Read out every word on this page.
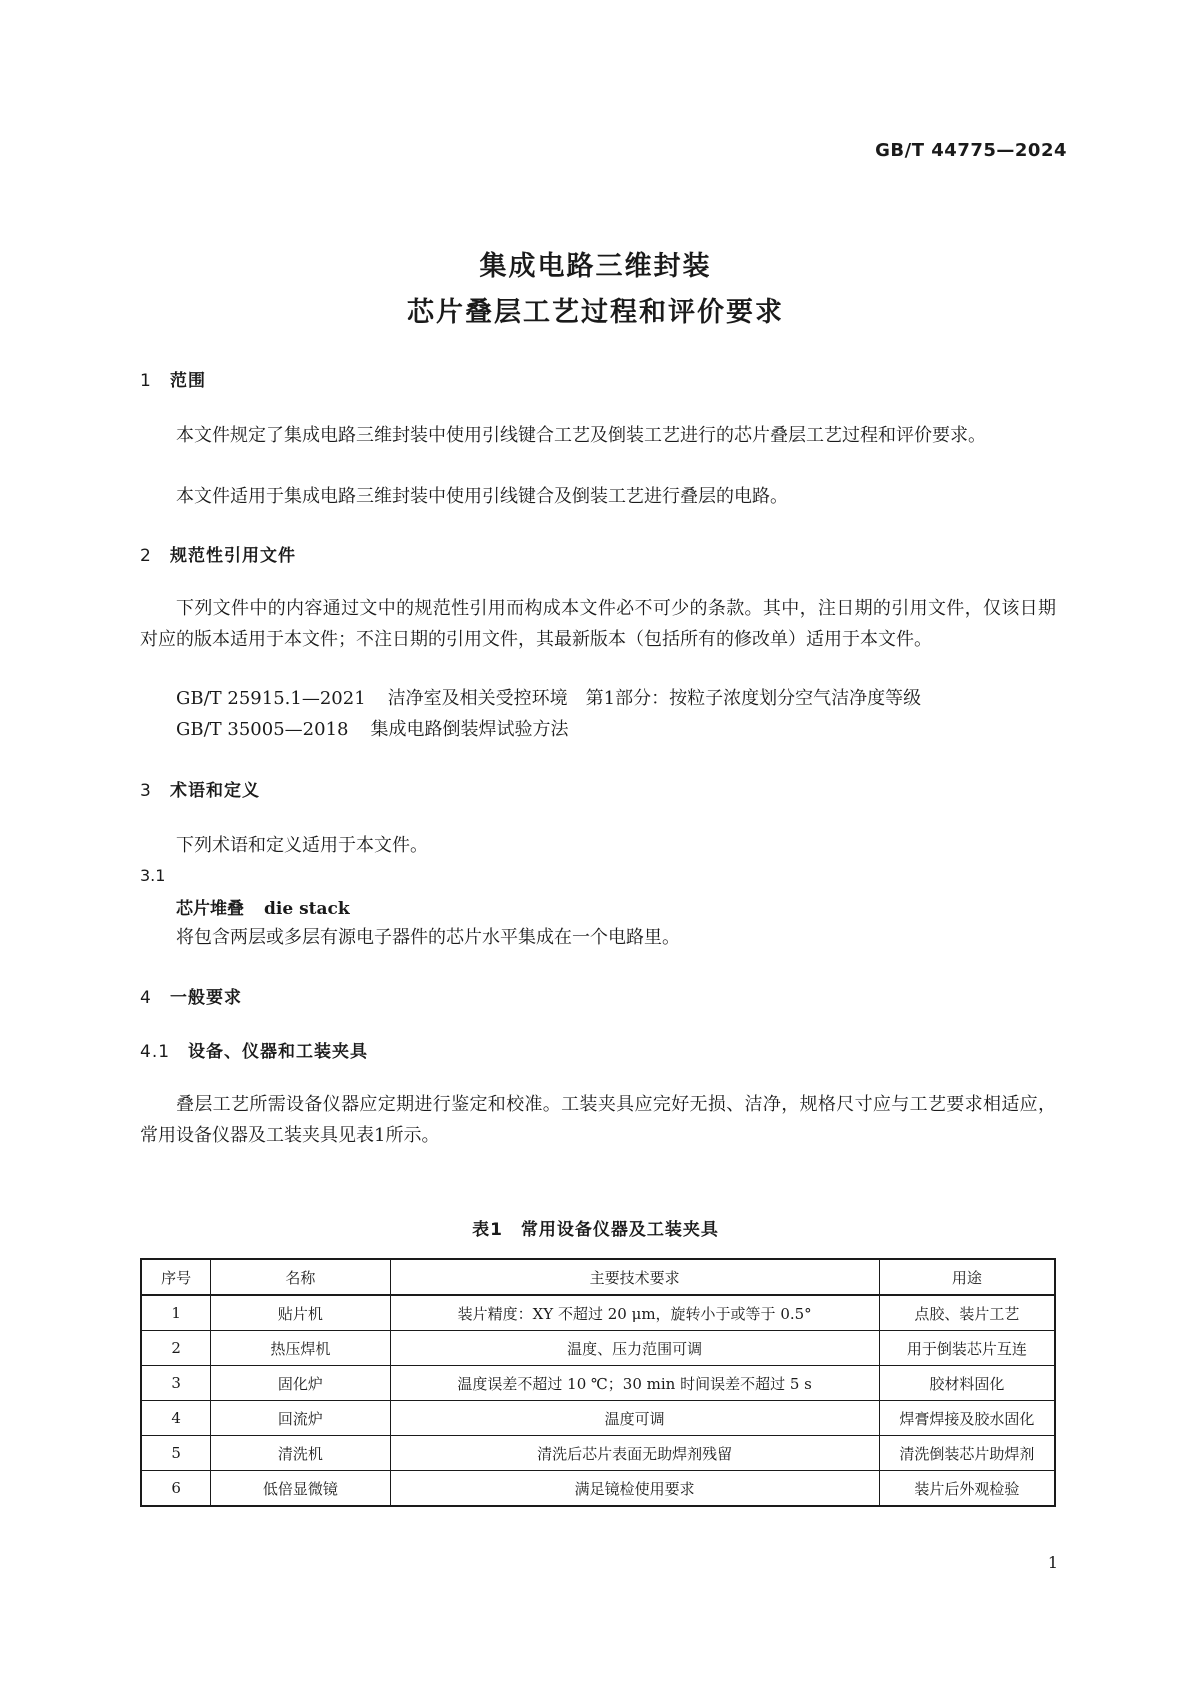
GB/T 44775—2024
集成电路三维封装
芯片叠层工艺过程和评价要求
1 范围
本文件规定了集成电路三维封装中使用引线键合工艺及倒装工艺进行的芯片叠层工艺过程和评价要求。
本文件适用于集成电路三维封装中使用引线键合及倒装工艺进行叠层的电路。
2 规范性引用文件
下列文件中的内容通过文中的规范性引用而构成本文件必不可少的条款。其中，注日期的引用文件，仅该日期对应的版本适用于本文件；不注日期的引用文件，其最新版本（包括所有的修改单）适用于本文件。
GB/T 25915.1—2021 洁净室及相关受控环境　第1部分：按粒子浓度划分空气洁净度等级
GB/T 35005—2018 集成电路倒装焊试验方法
3 术语和定义
下列术语和定义适用于本文件。
3.1
芯片堆叠 die stack
将包含两层或多层有源电子器件的芯片水平集成在一个电路里。
4 一般要求
4.1 设备、仪器和工装夹具
叠层工艺所需设备仪器应定期进行鉴定和校准。工装夹具应完好无损、洁净，规格尺寸应与工艺要求相适应，常用设备仪器及工装夹具见表1所示。
表1　常用设备仪器及工装夹具
序号	名称	主要技术要求	用途
1	贴片机	装片精度：XY 不超过 20 μm，旋转小于或等于 0.5°	点胶、装片工艺
2	热压焊机	温度、压力范围可调	用于倒装芯片互连
3	固化炉	温度误差不超过 10 ℃；30 min 时间误差不超过 5 s	胶材料固化
4	回流炉	温度可调	焊膏焊接及胶水固化
5	清洗机	清洗后芯片表面无助焊剂残留	清洗倒装芯片助焊剂
6	低倍显微镜	满足镜检使用要求	装片后外观检验
1
